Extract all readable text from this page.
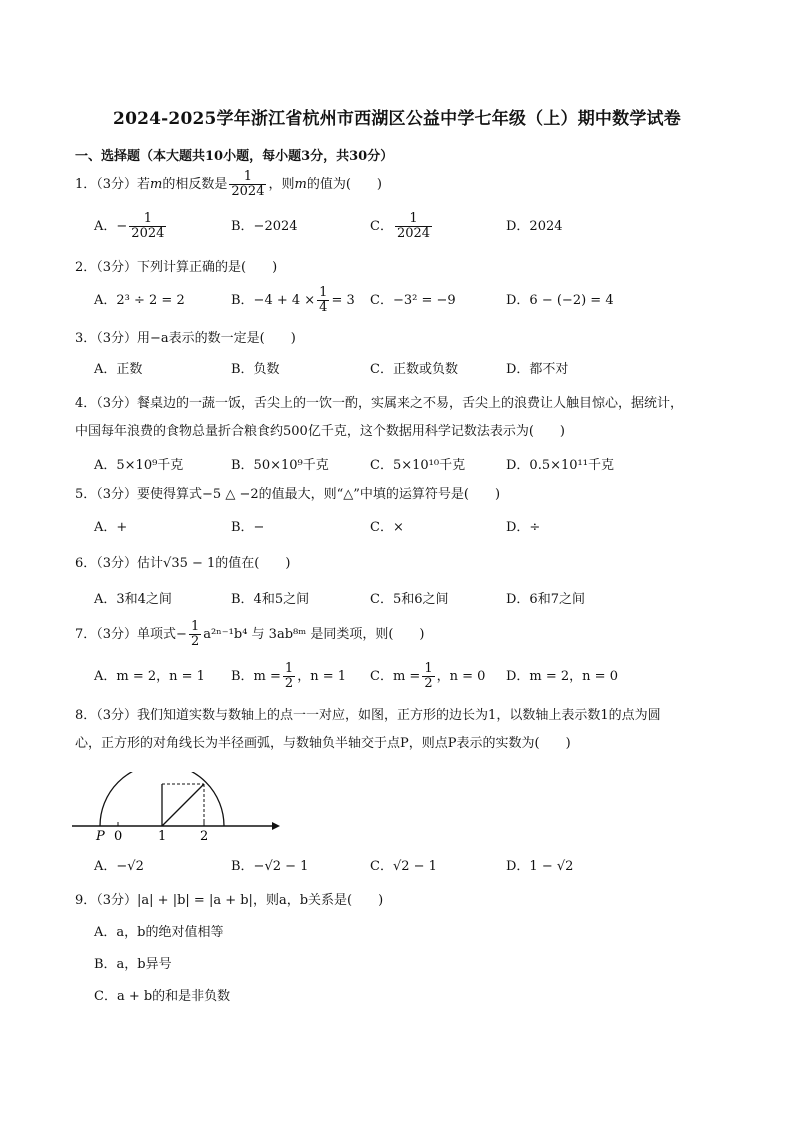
2024-2025学年浙江省杭州市西湖区公益中学七年级（上）期中数学试卷
一、选择题（本大题共10小题，每小题3分，共30分）
1．（3分）若m的相反数是 $\frac{1}{2024}$ ，则m的值为(　　)
A．− $\frac{1}{2024}$	B．−2024	C． $\frac{1}{2024}$	D．2024
2．（3分）下列计算正确的是(　　)
A．2³ ÷ 2 = 2	B．$-4 + 4 \times \frac{1}{4} = 3$ C．−3² = −9	D．6 − (−2) = 4
3．（3分）用−a表示的数一定是(　　)
A．正数	B．负数	C．正数或负数	D．都不对
4．（3分）餐桌边的一蔬一饭，舌尖上的一饮一酌，实属来之不易，舌尖上的浪费让人触目惊心，据统计，
中国每年浪费的食物总量折合粮食约500亿千克，这个数据用科学记数法表示为(　　)
A．5×10⁹千克	B．50×10⁹千克	C．5×10¹⁰千克	D．0.5×10¹¹千克
5．（3分）要使得算式−5 △ −2的值最大，则“△”中填的运算符号是(　　)
A．+	B．−	C．×	D．÷
6．（3分）估计√35 − 1的值在(　　)
A．3和4之间	B．4和5之间	C．5和6之间	D．6和7之间
7．（3分）单项式− $\frac{1}{2} a^{2n-1}b^4$ 与 3ab⁸ᵐ 是同类项，则(　　)
A．m = 2，n = 1 B．$m = \frac{1}{2}$ ，n = 1 C．$m = \frac{1}{2}$ ，n = 0 D．m = 2，n = 0
8．（3分）我们知道实数与数轴上的点一一对应，如图，正方形的边长为1，以数轴上表示数1的点为圆
心，正方形的对角线长为半径画弧，与数轴负半轴交于点P，则点P表示的实数为(　　)
P 0	1	2
A．−√2	B．−√2 − 1	C．√2 − 1	D．1 − √2
9．（3分）|a| + |b| = |a + b|，则a，b关系是(　　)
A．a，b的绝对值相等
B．a，b异号
C．a + b的和是非负数
